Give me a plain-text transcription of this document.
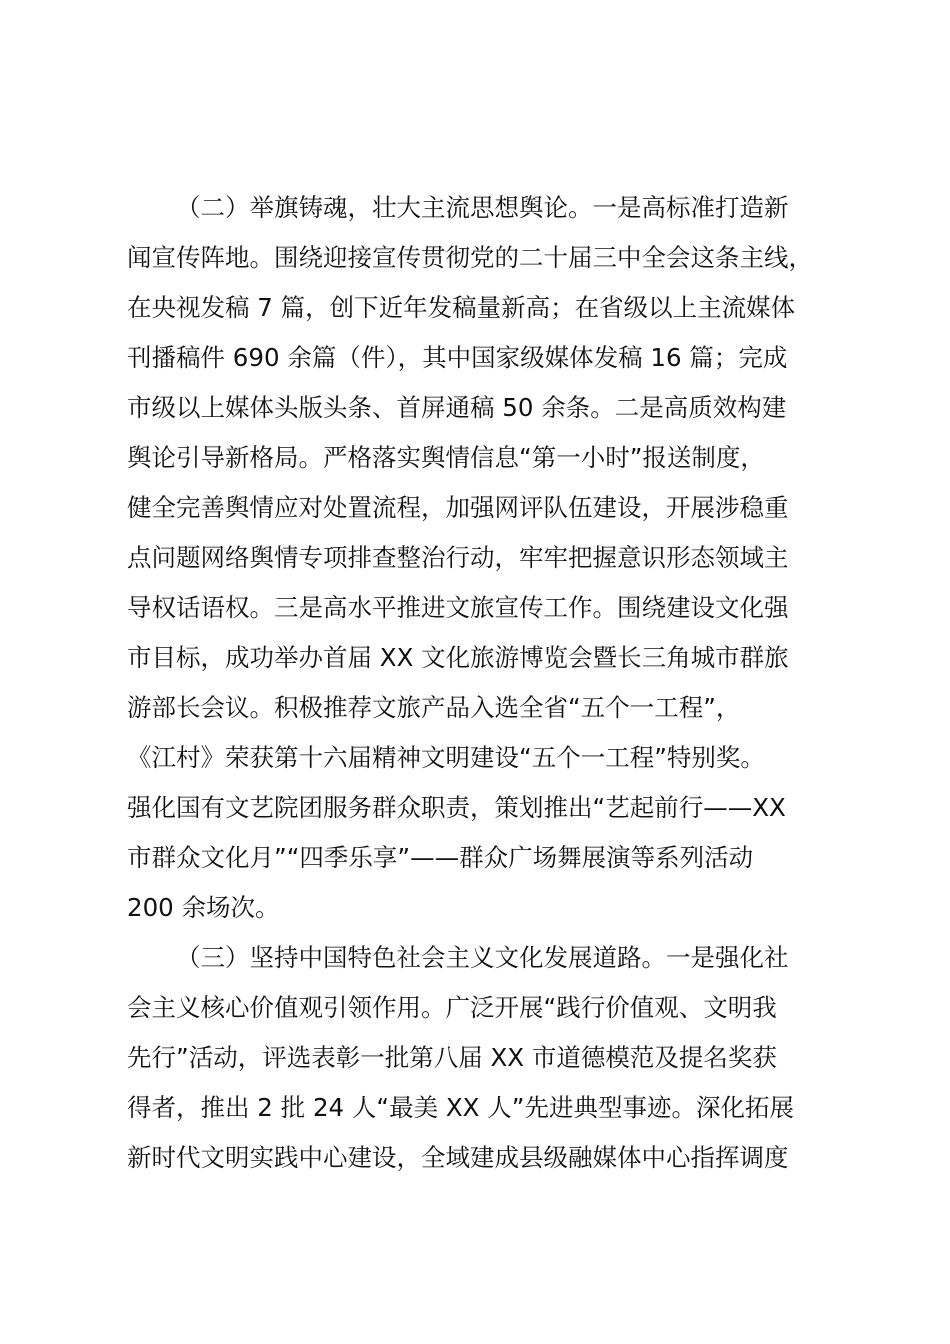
（二）举旗铸魂，壮大主流思想舆论。一是高标准打造新
闻宣传阵地。围绕迎接宣传贯彻党的二十届三中全会这条主线，
在央视发稿 7 篇，创下近年发稿量新高；在省级以上主流媒体
刊播稿件 690 余篇（件），其中国家级媒体发稿 16 篇；完成
市级以上媒体头版头条、首屏通稿 50 余条。二是高质效构建
舆论引导新格局。严格落实舆情信息“第一小时”报送制度，
健全完善舆情应对处置流程，加强网评队伍建设，开展涉稳重
点问题网络舆情专项排查整治行动，牢牢把握意识形态领域主
导权话语权。三是高水平推进文旅宣传工作。围绕建设文化强
市目标，成功举办首届 XX 文化旅游博览会暨长三角城市群旅
游部长会议。积极推荐文旅产品入选全省“五个一工程”，
《江村》荣获第十六届精神文明建设“五个一工程”特别奖。
强化国有文艺院团服务群众职责，策划推出“艺起前行——XX
市群众文化月”“四季乐享”——群众广场舞展演等系列活动
200 余场次。
（三）坚持中国特色社会主义文化发展道路。一是强化社
会主义核心价值观引领作用。广泛开展“践行价值观、文明我
先行”活动，评选表彰一批第八届 XX 市道德模范及提名奖获
得者，推出 2 批 24 人“最美 XX 人”先进典型事迹。深化拓展
新时代文明实践中心建设，全域建成县级融媒体中心指挥调度
